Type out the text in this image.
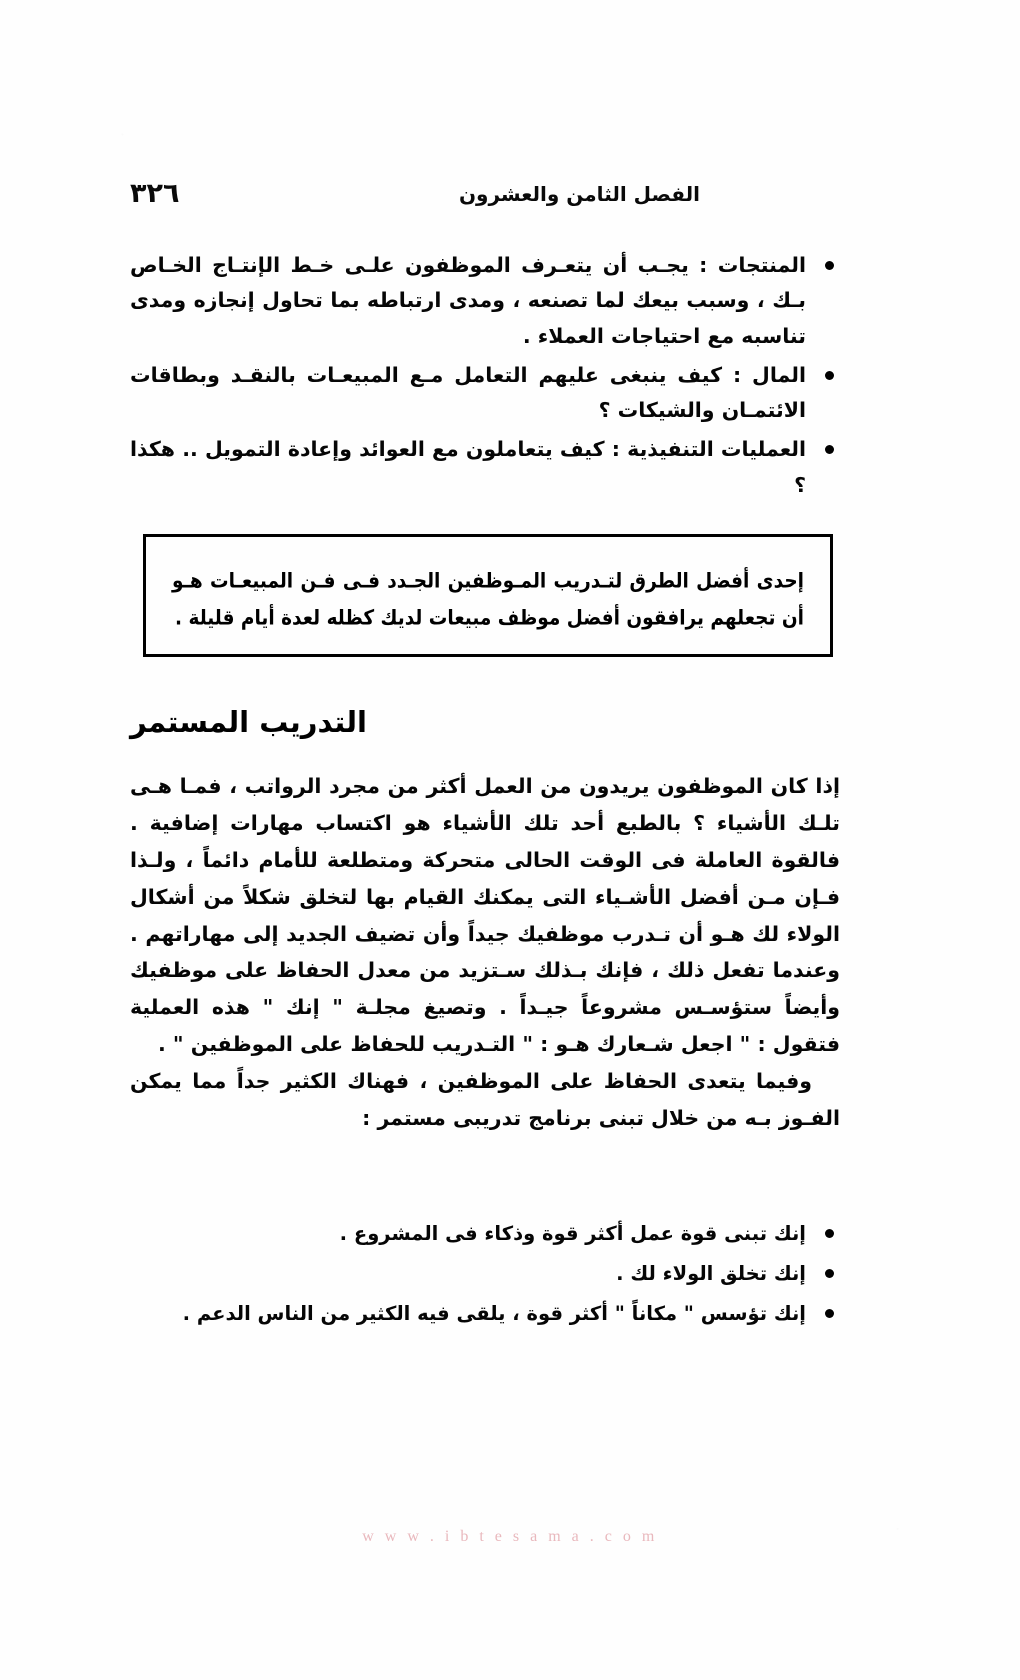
٣٢٦	الفصل الثامن والعشرون
المنتجات : يجـب أن يتعـرف الموظفون علـى خـط الإنتـاج الخـاص بـك ، وسبب بيعك لما تصنعه ، ومدى ارتباطه بما تحاول إنجازه ومدى تناسبه مع احتياجات العملاء .
المال : كيف ينبغى عليهم التعامل مـع المبيعـات بالنقـد وبطاقات الائتمـان والشيكات ؟
العمليات التنفيذية : كيف يتعاملون مع العوائد وإعادة التمويل .. هكذا ؟

إحدى أفضل الطرق لتـدريب المـوظفين الجـدد فـى فـن المبيعـات هـو أن تجعلهم يرافقون أفضل موظف مبيعات لديك كظله لعدة أيام قليلة .

التدريب المستمر

إذا كان الموظفون يريدون من العمل أكثر من مجرد الرواتب ، فمـا هـى تلـك الأشياء ؟ بالطبع أحد تلك الأشياء هو اكتساب مهارات إضافية . فالقوة العاملة فى الوقت الحالى متحركة ومتطلعة للأمام دائماً ، ولـذا فـإن مـن أفضل الأشـياء التى يمكنك القيام بها لتخلق شكلاً من أشكال الولاء لك هـو أن تـدرب موظفيك جيداً وأن تضيف الجديد إلى مهاراتهم . وعندما تفعل ذلك ، فإنك بـذلك سـتزيد من معدل الحفاظ على موظفيك وأيضاً ستؤسـس مشروعاً جيـداً . وتصيغ مجلـة " إنك " هذه العملية فتقول : " اجعل شـعارك هـو : " التـدريب للحفاظ على الموظفين " .

وفيما يتعدى الحفاظ على الموظفين ، فهناك الكثير جداً مما يمكن الفـوز بـه من خلال تبنى برنامج تدريبى مستمر :

إنك تبنى قوة عمل أكثر قوة وذكاء فى المشروع .
إنك تخلق الولاء لك .
إنك تؤسس " مكاناً " أكثر قوة ، يلقى فيه الكثير من الناس الدعم .
w w w . i b t e s a m a . c o m
